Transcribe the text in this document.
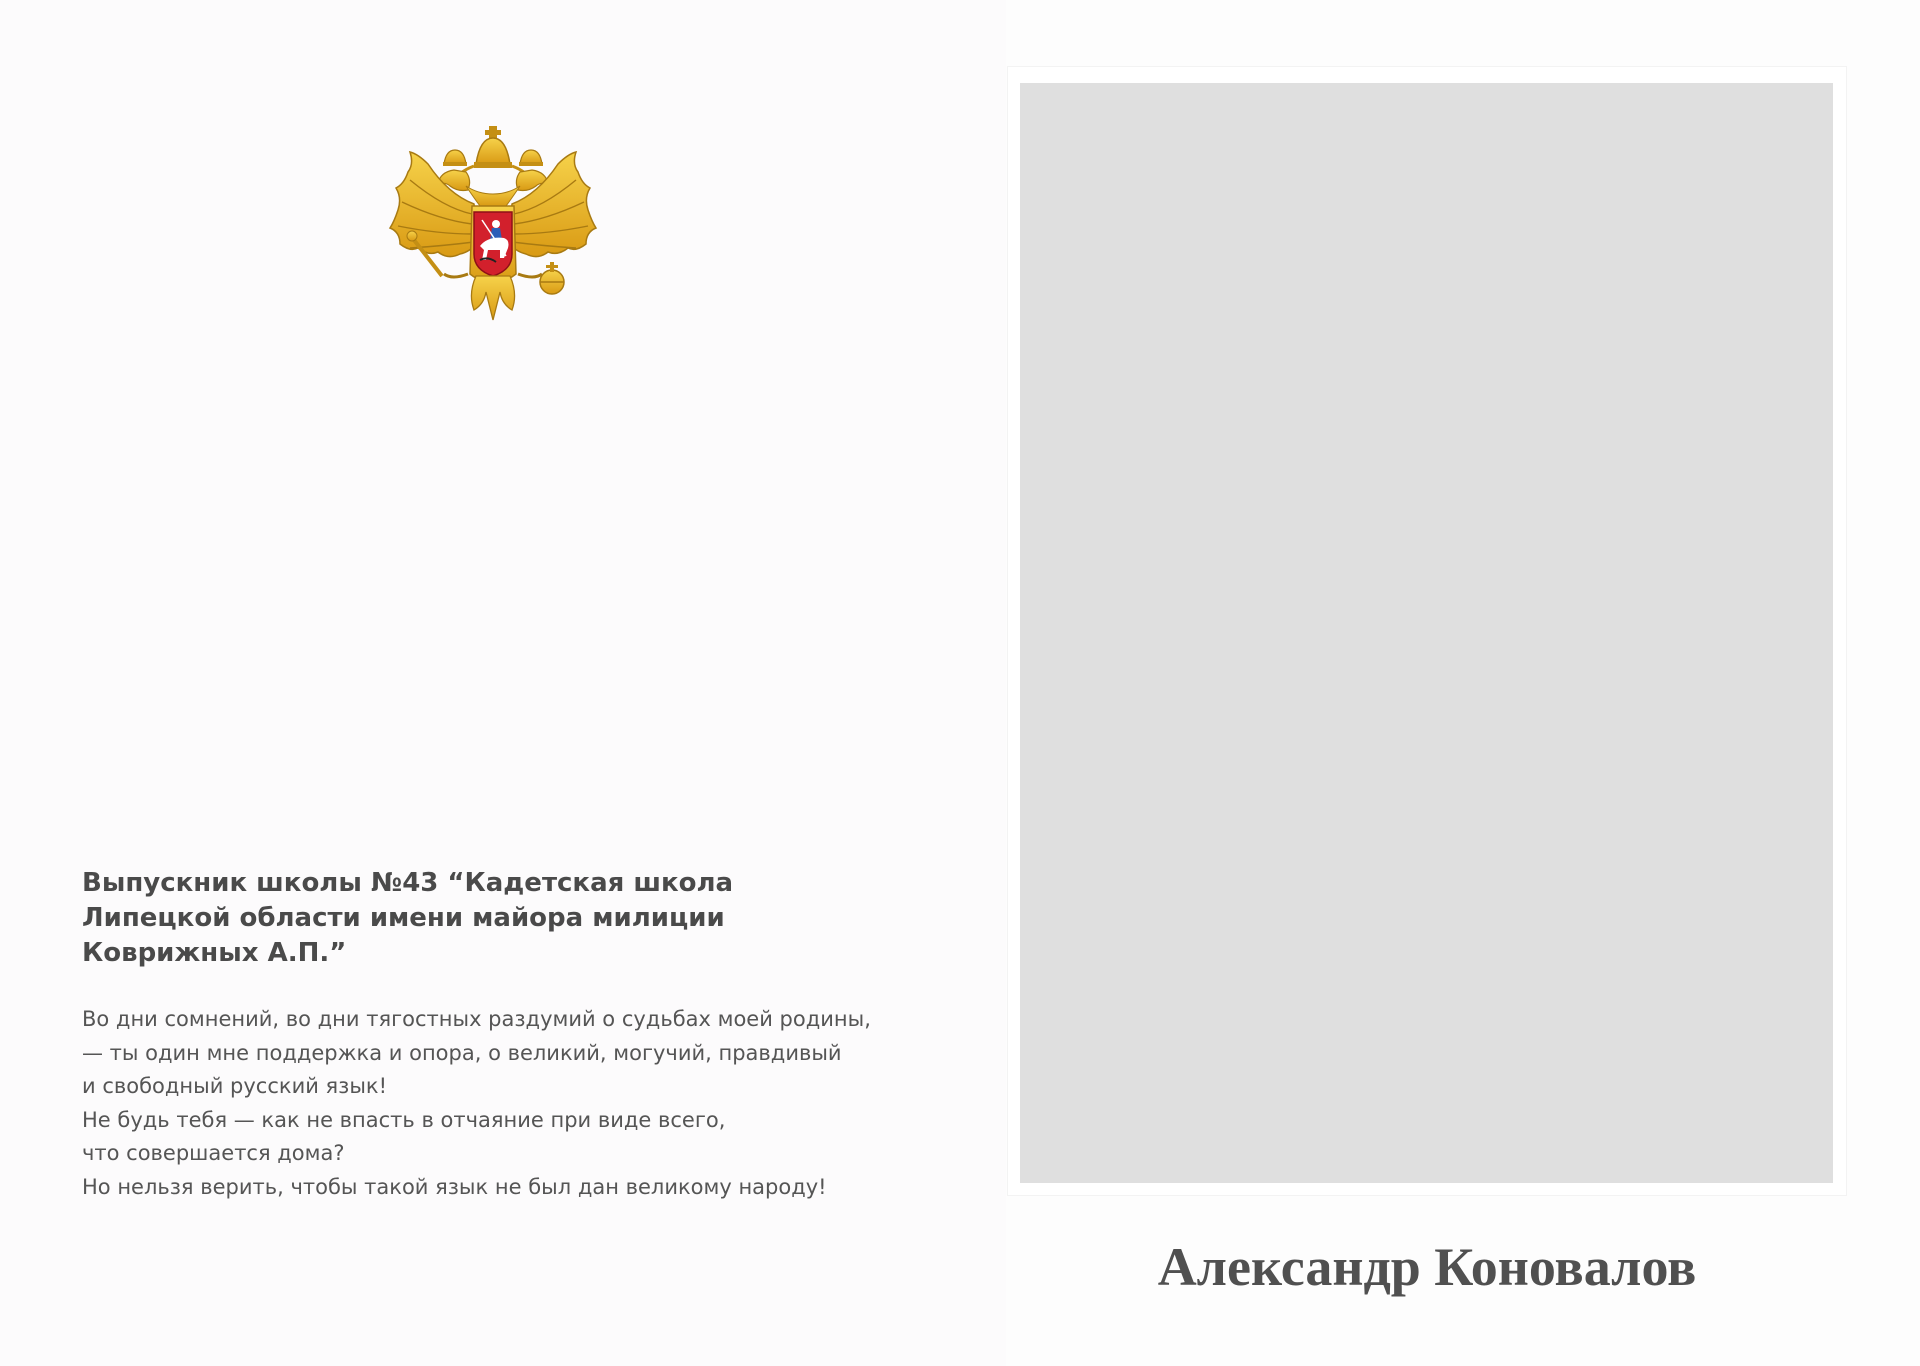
Выпускник школы №43 “Кадетская школа
Липецкой области имени майора милиции
Коврижных А.П.”

Во дни сомнений, во дни тягостных раздумий о судьбах моей родины,
— ты один мне поддержка и опора, о великий, могучий, правдивый
и свободный русский язык!
Не будь тебя — как не впасть в отчаяние при виде всего,
что совершается дома?
Но нельзя верить, чтобы такой язык не был дан великому народу!

Александр Коновалов
